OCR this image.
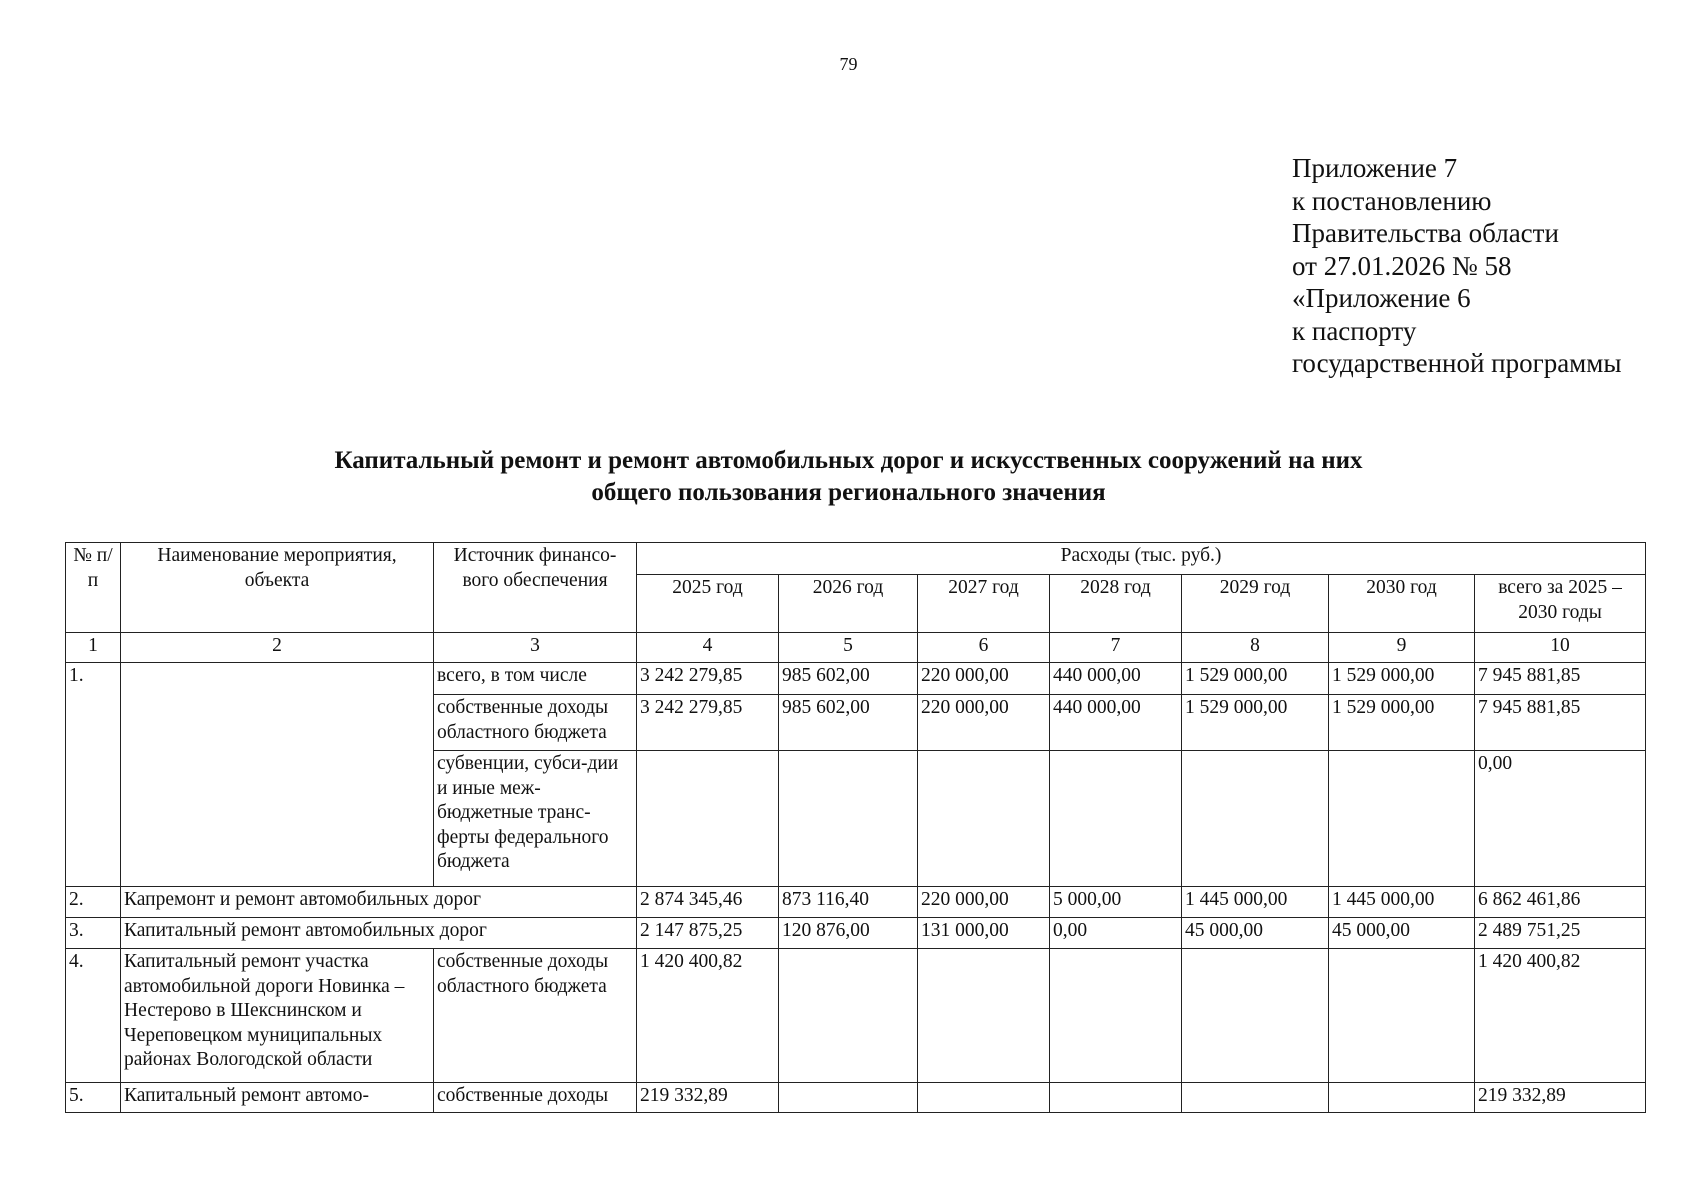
79
Приложение 7
к постановлению
Правительства области
от 27.01.2026 № 58
«Приложение 6
к паспорту
государственной программы
Капитальный ремонт и ремонт автомобильных дорог и искусственных сооружений на них
общего пользования регионального значения
№ п/п	Наименование мероприятия, объекта	Источник финансо-вого обеспечения	Расходы (тыс. руб.)						
			2025 год	2026 год	2027 год	2028 год	2029 год	2030 год	всего за 2025 – 2030 годы
1	2	3	4	5	6	7	8	9	10
1.		всего, в том числе	3 242 279,85	985 602,00	220 000,00	440 000,00	1 529 000,00	1 529 000,00	7 945 881,85
		собственные доходы областного бюджета	3 242 279,85	985 602,00	220 000,00	440 000,00	1 529 000,00	1 529 000,00	7 945 881,85
		субвенции, субси-дии и иные меж-бюджетные транс-ферты федерального бюджета							0,00
2.	Капремонт и ремонт автомобильных дорог		2 874 345,46	873 116,40	220 000,00	5 000,00	1 445 000,00	1 445 000,00	6 862 461,86
3.	Капитальный ремонт автомобильных дорог		2 147 875,25	120 876,00	131 000,00	0,00	45 000,00	45 000,00	2 489 751,25
4.	Капитальный ремонт участка автомобильной дороги Новинка – Нестерово в Шекснинском и Череповецком муниципальных районах Вологодской области	собственные доходы областного бюджета	1 420 400,82						1 420 400,82
5.	Капитальный ремонт автомо-	собственные доходы	219 332,89						219 332,89
